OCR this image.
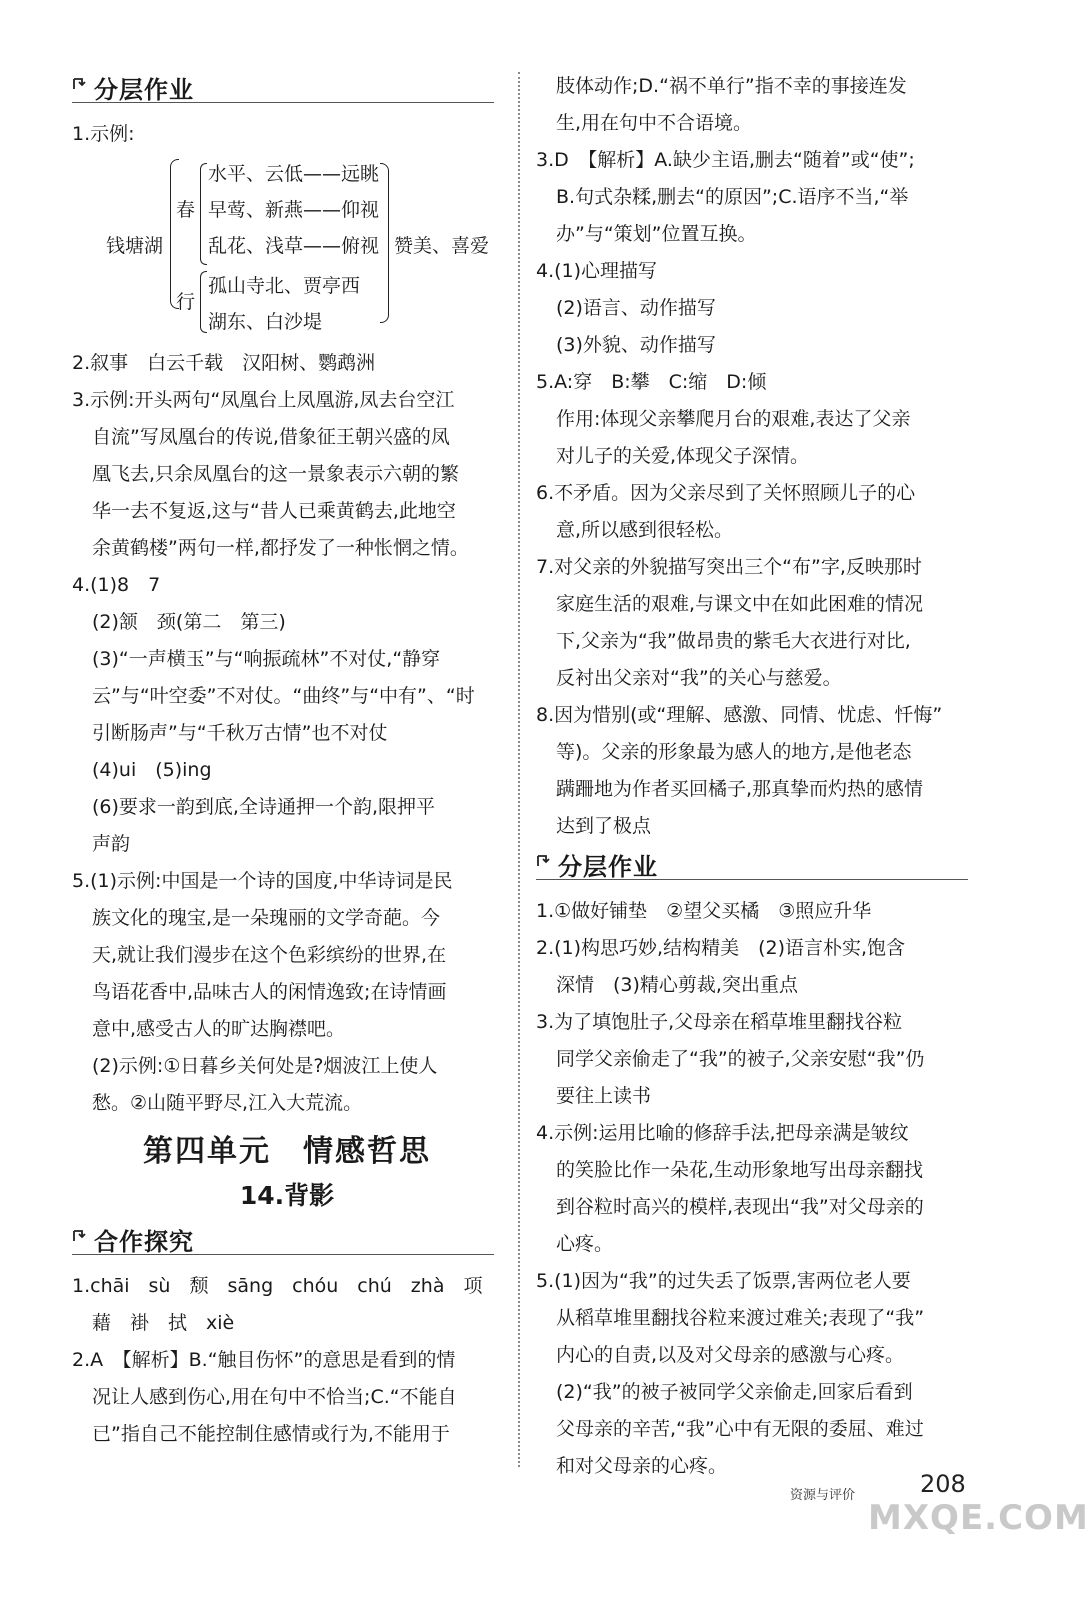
分层作业

1.示例:

钱塘湖
春
水平、云低——远眺
早莺、新燕——仰视
乱花、浅草——俯视
行
孤山寺北、贾亭西
湖东、白沙堤
赞美、喜爱

2.叙事　白云千载　汉阳树、鹦鹉洲

3.示例:开头两句“凤凰台上凤凰游,凤去台空江

自流”写凤凰台的传说,借象征王朝兴盛的凤

凰飞去,只余凤凰台的这一景象表示六朝的繁

华一去不复返,这与“昔人已乘黄鹤去,此地空

余黄鹤楼”两句一样,都抒发了一种怅惘之情。

4.(1)8　7

(2)颔　颈(第二　第三)

(3)“一声横玉”与“响振疏林”不对仗,“静穿

云”与“叶空委”不对仗。“曲终”与“中有”、“时

引断肠声”与“千秋万古情”也不对仗

(4)ui　(5)ing

(6)要求一韵到底,全诗通押一个韵,限押平

声韵

5.(1)示例:中国是一个诗的国度,中华诗词是民

族文化的瑰宝,是一朵瑰丽的文学奇葩。今

天,就让我们漫步在这个色彩缤纷的世界,在

鸟语花香中,品味古人的闲情逸致;在诗情画

意中,感受古人的旷达胸襟吧。

(2)示例:①日暮乡关何处是?烟波江上使人

愁。②山随平野尽,江入大荒流。

第四单元　情感哲思
14.背影
合作探究

1.chāi　sù　颓　sāng　chóu　chú　zhà　项

藉　褂　拭　xiè

2.A　【解析】B.“触目伤怀”的意思是看到的情

况让人感到伤心,用在句中不恰当;C.“不能自

已”指自己不能控制住感情或行为,不能用于

肢体动作;D.“祸不单行”指不幸的事接连发

生,用在句中不合语境。

3.D　【解析】A.缺少主语,删去“随着”或“使”;

B.句式杂糅,删去“的原因”;C.语序不当,“举

办”与“策划”位置互换。

4.(1)心理描写

(2)语言、动作描写

(3)外貌、动作描写

5.A:穿　B:攀　C:缩　D:倾

作用:体现父亲攀爬月台的艰难,表达了父亲

对儿子的关爱,体现父子深情。

6.不矛盾。因为父亲尽到了关怀照顾儿子的心

意,所以感到很轻松。

7.对父亲的外貌描写突出三个“布”字,反映那时

家庭生活的艰难,与课文中在如此困难的情况

下,父亲为“我”做昂贵的紫毛大衣进行对比,

反衬出父亲对“我”的关心与慈爱。

8.因为惜别(或“理解、感激、同情、忧虑、忏悔”

等)。父亲的形象最为感人的地方,是他老态

蹒跚地为作者买回橘子,那真挚而灼热的感情

达到了极点

分层作业

1.①做好铺垫　②望父买橘　③照应升华

2.(1)构思巧妙,结构精美　(2)语言朴实,饱含

深情　(3)精心剪裁,突出重点

3.为了填饱肚子,父母亲在稻草堆里翻找谷粒

同学父亲偷走了“我”的被子,父亲安慰“我”仍

要往上读书

4.示例:运用比喻的修辞手法,把母亲满是皱纹

的笑脸比作一朵花,生动形象地写出母亲翻找

到谷粒时高兴的模样,表现出“我”对父母亲的

心疼。

5.(1)因为“我”的过失丢了饭票,害两位老人要

从稻草堆里翻找谷粒来渡过难关;表现了“我”

内心的自责,以及对父母亲的感激与心疼。

(2)“我”的被子被同学父亲偷走,回家后看到

父母亲的辛苦,“我”心中有无限的委屈、难过

和对父母亲的心疼。

资源与评价	208
MXQE.COM
